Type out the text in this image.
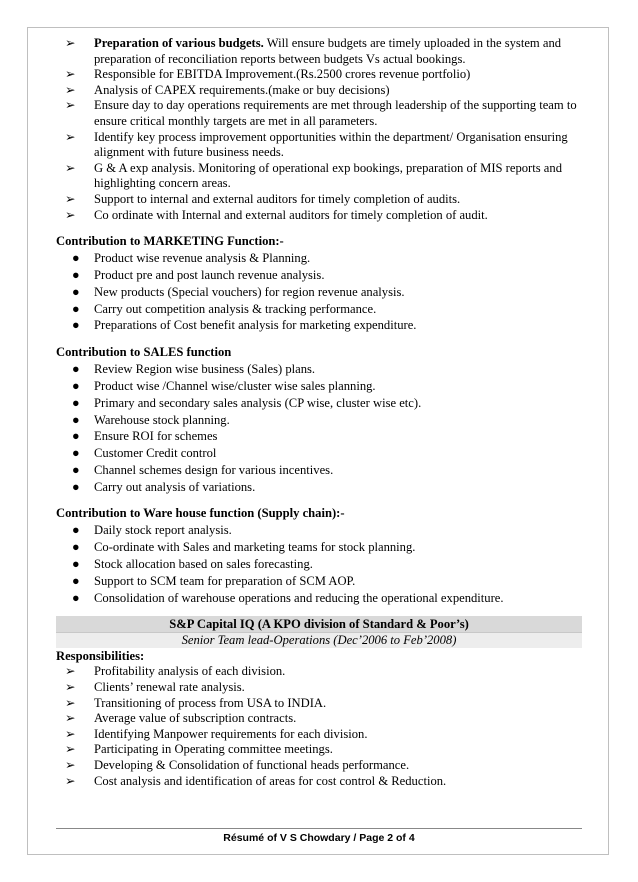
➢	Preparation of various budgets. Will ensure budgets are timely uploaded in the system and preparation of reconciliation reports between budgets Vs actual bookings.
➢	Responsible for EBITDA Improvement.(Rs.2500 crores revenue portfolio)
➢	Analysis of CAPEX requirements.(make or buy decisions)
➢	Ensure day to day operations requirements are met through leadership of the supporting team to ensure critical monthly targets are met in all parameters.
➢	Identify key process improvement opportunities within the department/ Organisation ensuring alignment with future business needs.
➢	G & A exp analysis. Monitoring of operational exp bookings, preparation of MIS reports and highlighting concern areas.
➢	Support to internal and external auditors for timely completion of audits.
➢	Co ordinate with Internal and external auditors for timely completion of audit.
Contribution to MARKETING Function:-
● Product wise revenue analysis & Planning.
● Product pre and post launch revenue analysis.
● New products (Special vouchers) for region revenue analysis.
● Carry out competition analysis & tracking performance.
● Preparations of Cost benefit analysis for marketing expenditure.
Contribution to SALES function
● Review Region wise business (Sales) plans.
● Product wise /Channel wise/cluster wise sales planning.
● Primary and secondary sales analysis (CP wise, cluster wise etc).
● Warehouse stock planning.
● Ensure ROI for schemes
● Customer Credit control
● Channel schemes design for various incentives.
● Carry out analysis of variations.
Contribution to Ware house function (Supply chain):-
● Daily stock report analysis.
● Co-ordinate with Sales and marketing teams for stock planning.
● Stock allocation based on sales forecasting.
● Support to SCM team for preparation of SCM AOP.
● Consolidation of warehouse operations and reducing the operational expenditure.
S&P Capital IQ (A KPO division of Standard & Poor’s)
Senior Team lead-Operations (Dec’2006 to Feb’2008)
Responsibilities:
➢	Profitability analysis of each division.
➢	Clients’ renewal rate analysis.
➢	Transitioning of process from USA to INDIA.
➢	Average value of subscription contracts.
➢	Identifying Manpower requirements for each division.
➢	Participating in Operating committee meetings.
➢	Developing & Consolidation of functional heads performance.
➢	Cost analysis and identification of areas for cost control & Reduction.
Résumé of V S Chowdary / Page 2 of 4
